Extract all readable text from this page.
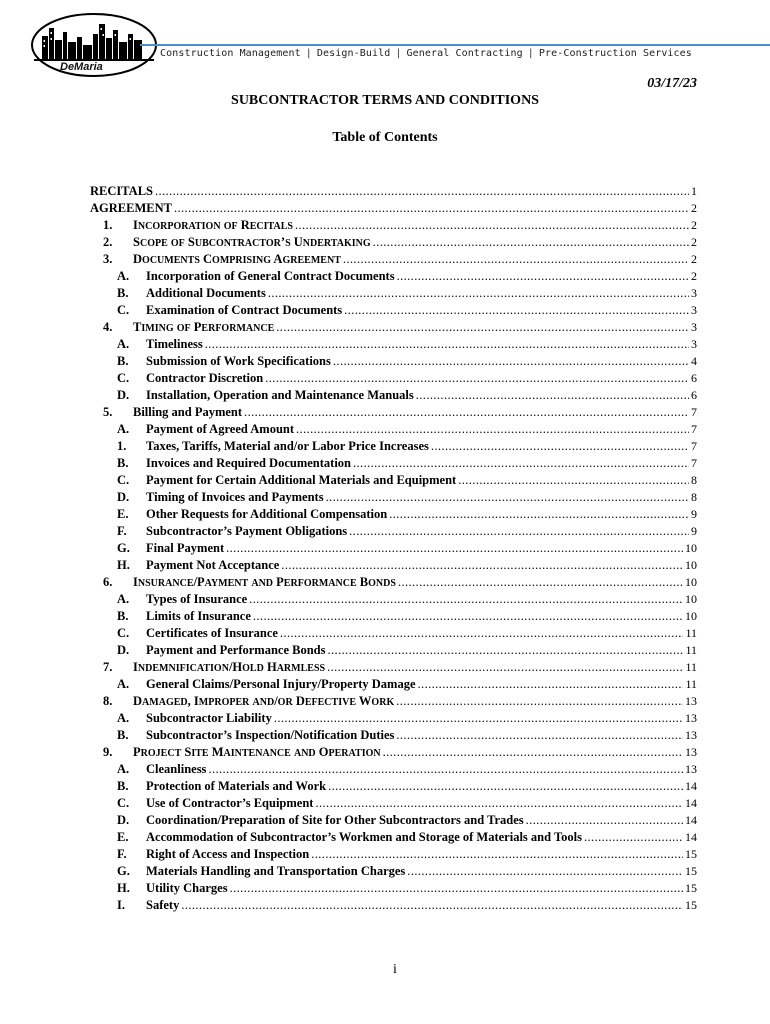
DeMaria
Construction Management | Design-Build | General Contracting | Pre-Construction Services
03/17/23
SUBCONTRACTOR TERMS AND CONDITIONS
Table of Contents
RECITALS .....	1
AGREEMENT .....	2
1.	INCORPORATION OF RECITALS .....	2
2.	SCOPE OF SUBCONTRACTOR’S UNDERTAKING .....	2
3.	DOCUMENTS COMPRISING AGREEMENT .....	2
A.	Incorporation of General Contract Documents .....	2
B.	Additional Documents .....	3
C.	Examination of Contract Documents .....	3
4.	TIMING OF PERFORMANCE .....	3
A.	Timeliness .....	3
B.	Submission of Work Specifications .....	4
C.	Contractor Discretion .....	6
D.	Installation, Operation and Maintenance Manuals .....	6
5.	Billing and Payment .....	7
A.	Payment of Agreed Amount .....	7
1.	Taxes, Tariffs, Material and/or Labor Price Increases .....	7
B.	Invoices and Required Documentation .....	7
C.	Payment for Certain Additional Materials and Equipment .....	8
D.	Timing of Invoices and Payments .....	8
E.	Other Requests for Additional Compensation .....	9
F.	Subcontractor’s Payment Obligations .....	9
G.	Final Payment .....	10
H.	Payment Not Acceptance .....	10
6.	INSURANCE/PAYMENT AND PERFORMANCE BONDS .....	10
A.	Types of Insurance .....	10
B.	Limits of Insurance .....	10
C.	Certificates of Insurance .....	11
D.	Payment and Performance Bonds .....	11
7.	INDEMNIFICATION/HOLD HARMLESS .....	11
A.	General Claims/Personal Injury/Property Damage .....	11
8.	DAMAGED, IMPROPER AND/OR DEFECTIVE WORK .....	13
A.	Subcontractor Liability .....	13
B.	Subcontractor’s Inspection/Notification Duties .....	13
9.	PROJECT SITE MAINTENANCE AND OPERATION .....	13
A.	Cleanliness .....	13
B.	Protection of Materials and Work .....	14
C.	Use of Contractor’s Equipment .....	14
D.	Coordination/Preparation of Site for Other Subcontractors and Trades .....	14
E.	Accommodation of Subcontractor’s Workmen and Storage of Materials and Tools .....	14
F.	Right of Access and Inspection .....	15
G.	Materials Handling and Transportation Charges .....	15
H.	Utility Charges .....	15
I.	Safety .....	15
i
